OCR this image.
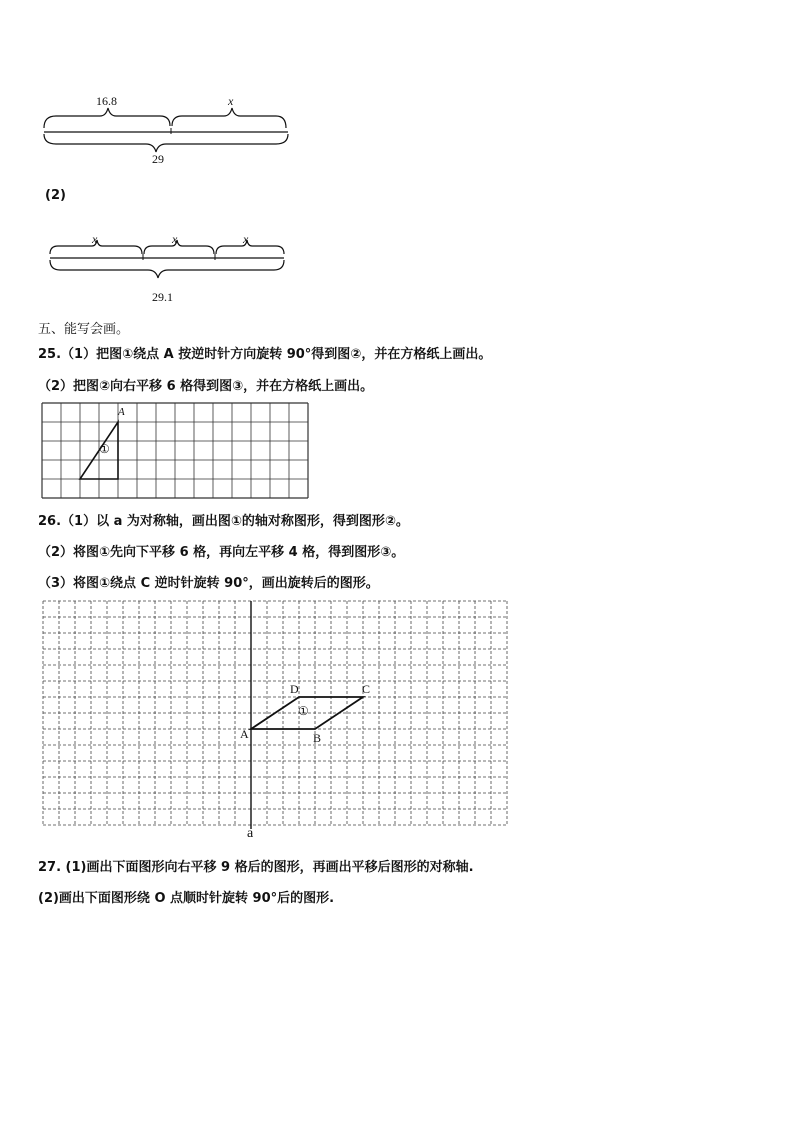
16.8	x
29
(2)
x	x	x
29.1
五、能写会画。
25.（1）把图①绕点 A 按逆时针方向旋转 90°得到图②，并在方格纸上画出。
（2）把图②向右平移 6 格得到图③，并在方格纸上画出。
A
①
26.（1）以 a 为对称轴，画出图①的轴对称图形，得到图形②。
（2）将图①先向下平移 6 格，再向左平移 4 格，得到图形③。
（3）将图①绕点 C 逆时针旋转 90°，画出旋转后的图形。
A	B
C
D
①
a
27. (1)画出下面图形向右平移 9 格后的图形，再画出平移后图形的对称轴.
(2)画出下面图形绕 O 点顺时针旋转 90°后的图形.
